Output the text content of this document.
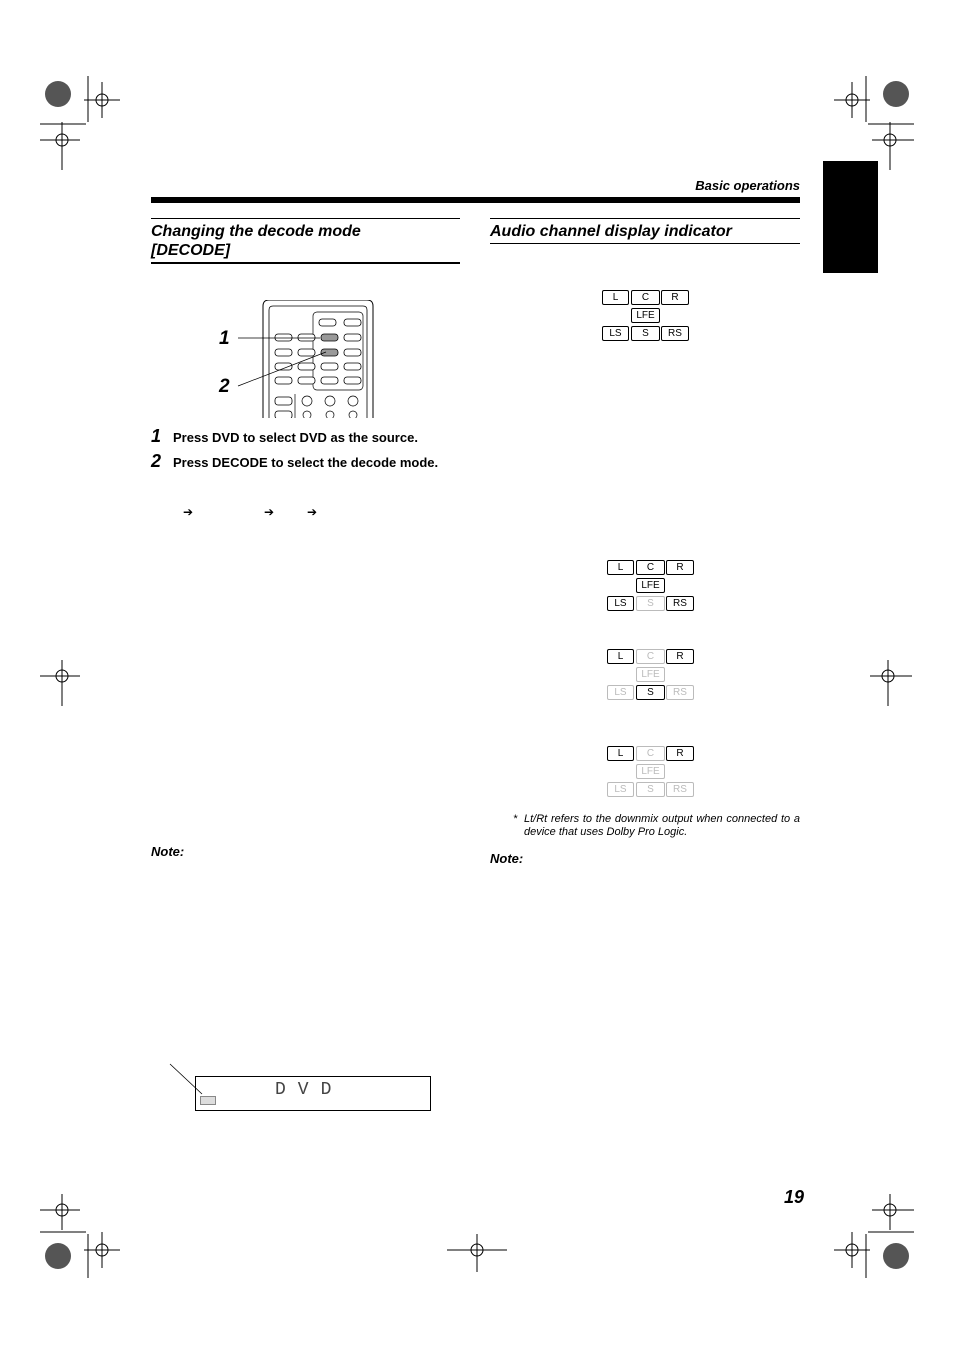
Basic operations
Changing the decode mode
[DECODE]
1
2
1 Press DVD to select DVD as the source.
2 Press DECODE to select the decode mode.
➔	➔	➔
Note:
DVD
Audio channel display indicator
L	C	R
LFE
LS	S	RS
L	C	R
LFE
LS	S	RS
L	C	R
LFE
LS	S	RS
L	C	R
LFE
LS	S	RS
* Lt/Rt refers to the downmix output when connected to a device that uses Dolby Pro Logic.
Note:
19
